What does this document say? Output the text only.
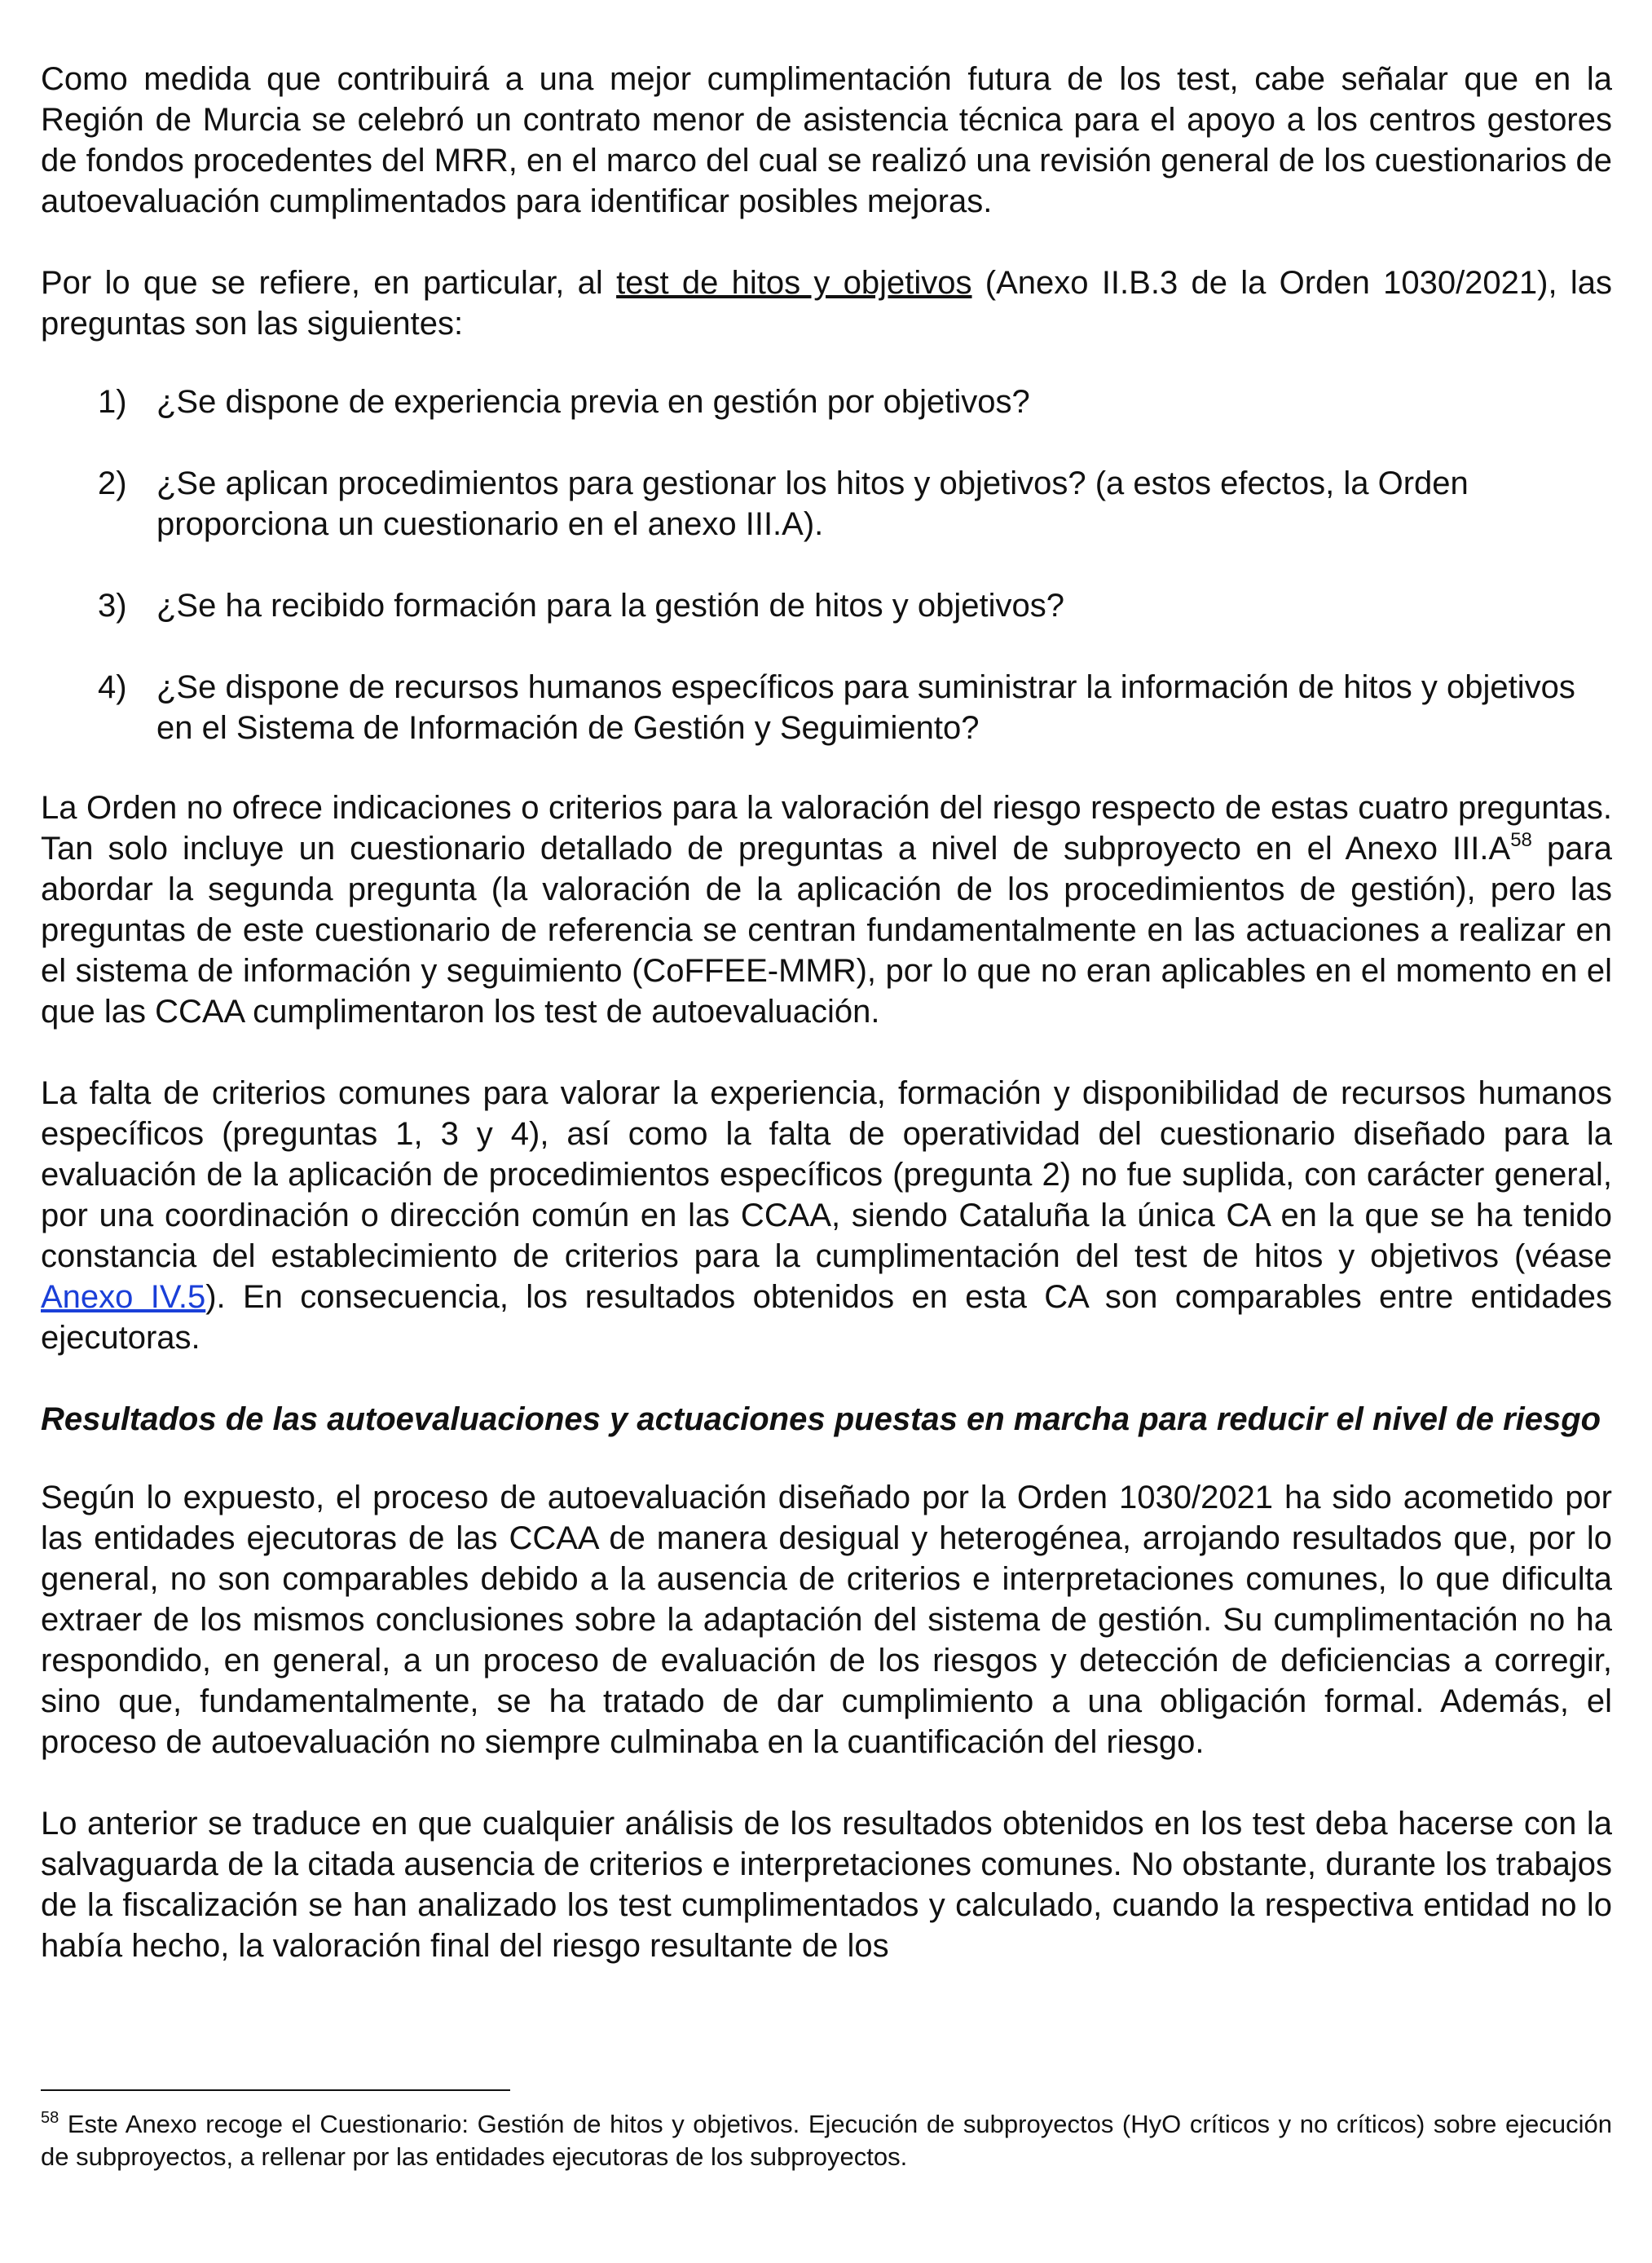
Como medida que contribuirá a una mejor cumplimentación futura de los test, cabe señalar que en la Región de Murcia se celebró un contrato menor de asistencia técnica para el apoyo a los centros gestores de fondos procedentes del MRR, en el marco del cual se realizó una revisión general de los cuestionarios de autoevaluación cumplimentados para identificar posibles mejoras.

Por lo que se refiere, en particular, al test de hitos y objetivos (Anexo II.B.3 de la Orden 1030/2021), las preguntas son las siguientes:

1) ¿Se dispone de experiencia previa en gestión por objetivos?
2) ¿Se aplican procedimientos para gestionar los hitos y objetivos? (a estos efectos, la Orden proporciona un cuestionario en el anexo III.A).
3) ¿Se ha recibido formación para la gestión de hitos y objetivos?
4) ¿Se dispone de recursos humanos específicos para suministrar la información de hitos y objetivos en el Sistema de Información de Gestión y Seguimiento?

La Orden no ofrece indicaciones o criterios para la valoración del riesgo respecto de estas cuatro preguntas. Tan solo incluye un cuestionario detallado de preguntas a nivel de subproyecto en el Anexo $III.A^{58}$ para abordar la segunda pregunta (la valoración de la aplicación de los procedimientos de gestión), pero las preguntas de este cuestionario de referencia se centran fundamentalmente en las actuaciones a realizar en el sistema de información y seguimiento (CoFFEE-MMR), por lo que no eran aplicables en el momento en el que las CCAA cumplimentaron los test de autoevaluación.

La falta de criterios comunes para valorar la experiencia, formación y disponibilidad de recursos humanos específicos (preguntas 1, 3 y 4), así como la falta de operatividad del cuestionario diseñado para la evaluación de la aplicación de procedimientos específicos (pregunta 2) no fue suplida, con carácter general, por una coordinación o dirección común en las CCAA, siendo Cataluña la única CA en la que se ha tenido constancia del establecimiento de criterios para la cumplimentación del test de hitos y objetivos (véase Anexo IV.5). En consecuencia, los resultados obtenidos en esta CA son comparables entre entidades ejecutoras.

Resultados de las autoevaluaciones y actuaciones puestas en marcha para reducir el nivel de riesgo

Según lo expuesto, el proceso de autoevaluación diseñado por la Orden 1030/2021 ha sido acometido por las entidades ejecutoras de las CCAA de manera desigual y heterogénea, arrojando resultados que, por lo general, no son comparables debido a la ausencia de criterios e interpretaciones comunes, lo que dificulta extraer de los mismos conclusiones sobre la adaptación del sistema de gestión. Su cumplimentación no ha respondido, en general, a un proceso de evaluación de los riesgos y detección de deficiencias a corregir, sino que, fundamentalmente, se ha tratado de dar cumplimiento a una obligación formal. Además, el proceso de autoevaluación no siempre culminaba en la cuantificación del riesgo.

Lo anterior se traduce en que cualquier análisis de los resultados obtenidos en los test deba hacerse con la salvaguarda de la citada ausencia de criterios e interpretaciones comunes. No obstante, durante los trabajos de la fiscalización se han analizado los test cumplimentados y calculado, cuando la respectiva entidad no lo había hecho, la valoración final del riesgo resultante de los

$^{58}$ Este Anexo recoge el Cuestionario: Gestión de hitos y objetivos. Ejecución de subproyectos (HyO críticos y no críticos) sobre ejecución de subproyectos, a rellenar por las entidades ejecutoras de los subproyectos.
